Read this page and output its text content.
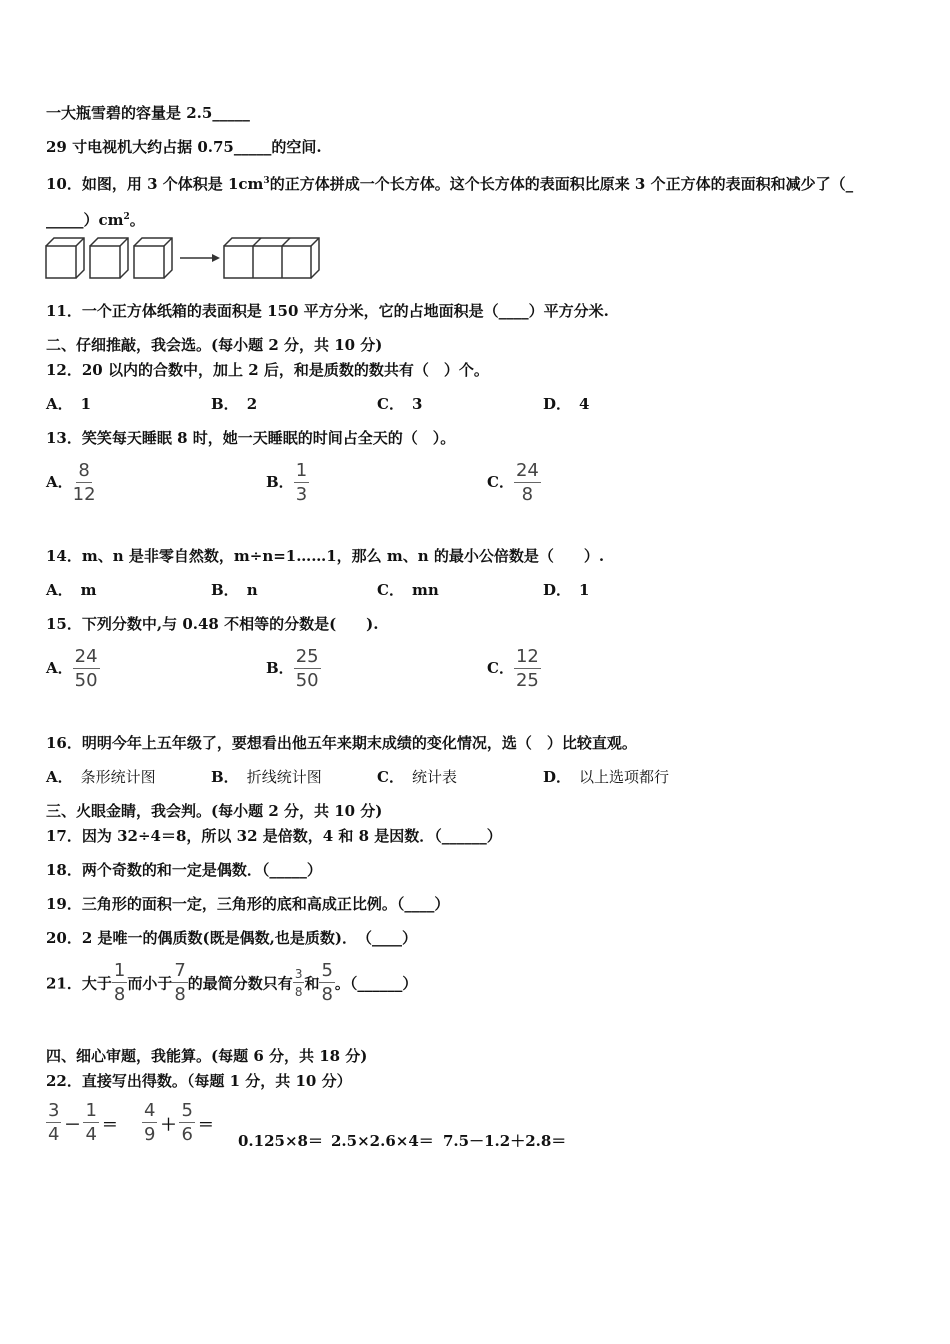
一大瓶雪碧的容量是 2.5_____
29 寸电视机大约占据 0.75_____的空间.
10．如图，用 3 个体积是 $1cm^3$的正方体拼成一个长方体。这个长方体的表面积比原来 3 个正方体的表面积和减少了（_
$\_\_\_\_\_)cm^2$。
11．一个正方体纸箱的表面积是 150 平方分米，它的占地面积是（____）平方分米.
二、仔细推敲，我会选。(每小题 2 分，共 10 分)
12．20 以内的合数中，加上 2 后，和是质数的数共有（　）个。
A． 1	B． 2	C． 3	D． 4
13．笑笑每天睡眠 8 时，她一天睡眠的时间占全天的（　）。
A． $\frac{8}{12}$	B． $\frac{1}{3}$	C． $\frac{24}{8}$
14．m、n 是非零自然数，m÷n=1……1，那么 m、n 的最小公倍数是（　　）.
A． m	B． n	C． mn	D． 1
15．下列分数中,与 0.48 不相等的分数是(　　).
A． $\frac{24}{50}$	B． $\frac{25}{50}$	C． $\frac{12}{25}$
16．明明今年上五年级了，要想看出他五年来期末成绩的变化情况，选（　）比较直观。
A． 条形统计图	B． 折线统计图	C． 统计表	D． 以上选项都行
三、火眼金睛，我会判。(每小题 2 分，共 10 分)
17．因为 32÷4＝8，所以 32 是倍数，4 和 8 是因数．（______）
18．两个奇数的和一定是偶数．（_____）
19．三角形的面积一定，三角形的底和高成正比例。（____）
20．2 是唯一的偶质数(既是偶数,也是质数)．　（____）
21．大于 $\frac{1}{8}$ 而小于 $\frac{7}{8}$ 的最简分数只有 $\frac{3}{8}$ 和 $\frac{5}{8}$ 。（______）
四、细心审题，我能算。(每题 6 分，共 18 分)
22．直接写出得数。（每题 1 分，共 10 分）
$\frac{3}{4} - \frac{1}{4} = \frac{4}{9} + \frac{5}{6}$ ＝
0.125×8＝ 2.5×2.6×4＝ 7.5－1.2＋2.8＝
